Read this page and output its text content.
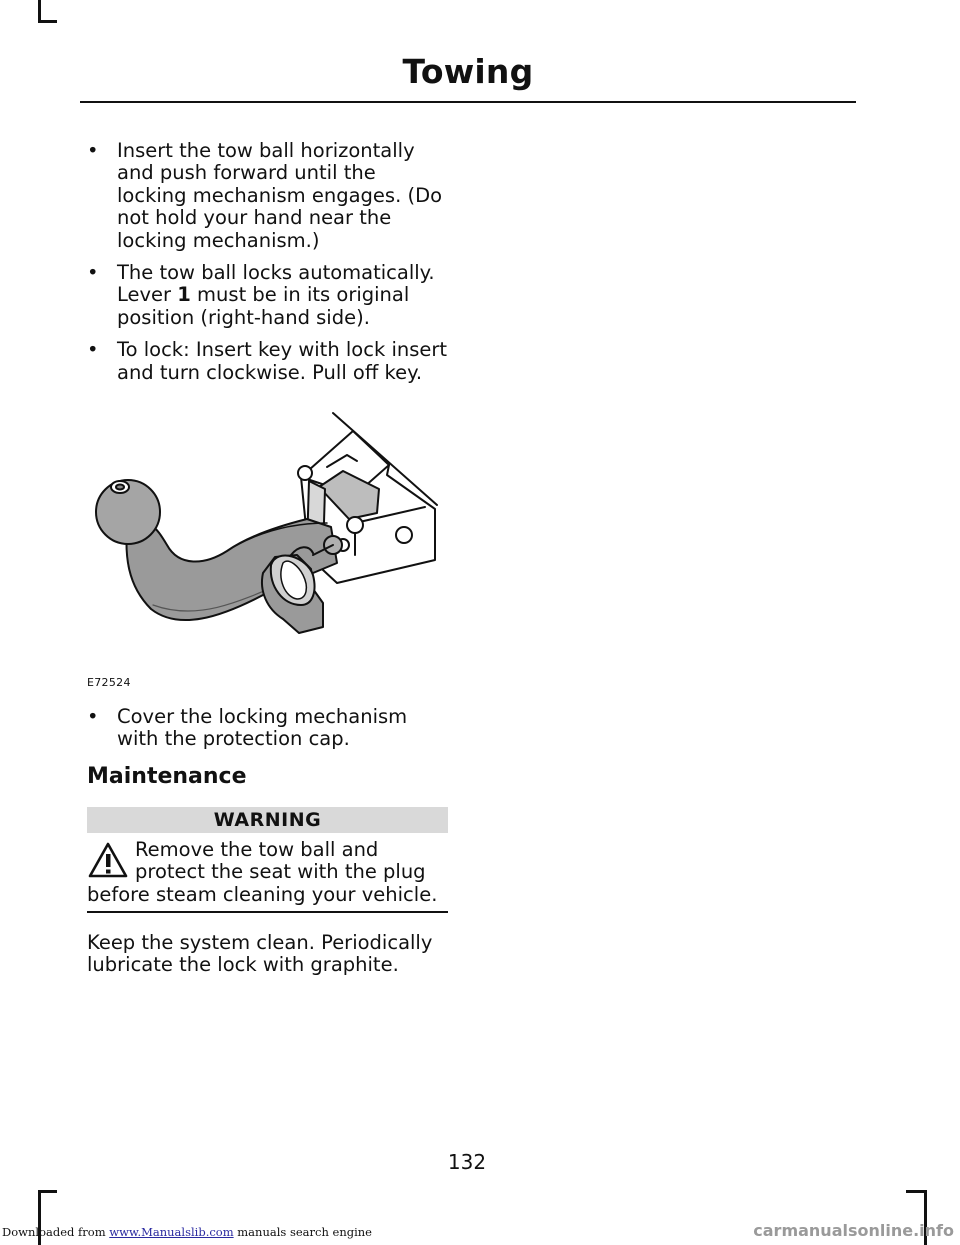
Towing
• Insert the tow ball horizontally and push forward until the locking mechanism engages. (Do not hold your hand near the locking mechanism.)
• The tow ball locks automatically. Lever 1 must be in its original position (right-hand side).
• To lock: Insert key with lock insert and turn clockwise. Pull off key.
E72524
• Cover the locking mechanism with the protection cap.
Maintenance
WARNING
Remove the tow ball and
protect the seat with the plug
before steam cleaning your vehicle.
Keep the system clean. Periodically lubricate the lock with graphite.
132
Downloaded from www.Manualslib.com manuals search engine	carmanualsonline.info
